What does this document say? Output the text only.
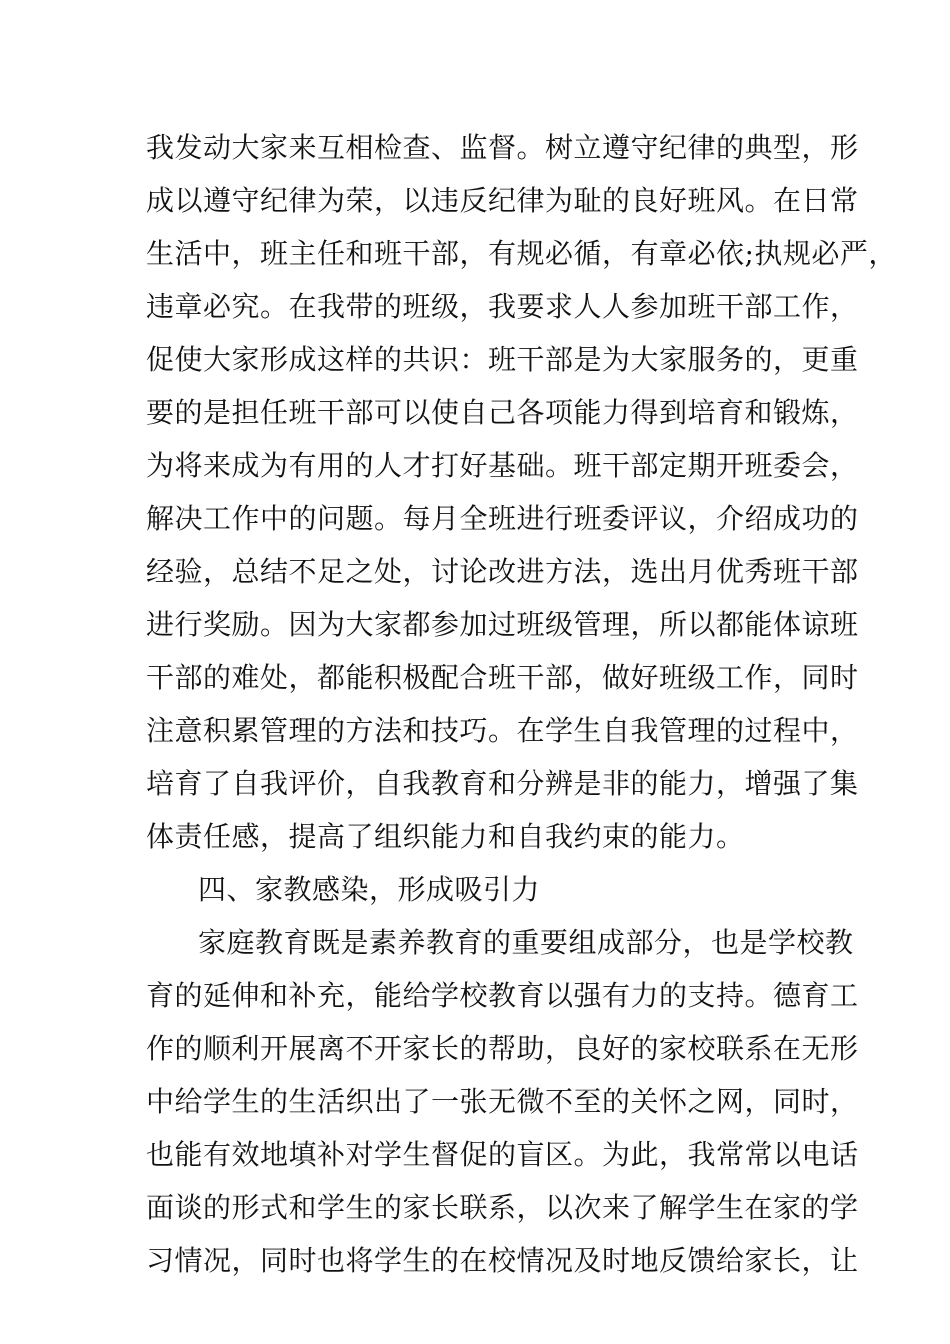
我发动大家来互相检查、监督。树立遵守纪律的典型，形
成以遵守纪律为荣，以违反纪律为耻的良好班风。在日常
生活中，班主任和班干部，有规必循，有章必依;执规必严，
违章必究。在我带的班级，我要求人人参加班干部工作，
促使大家形成这样的共识：班干部是为大家服务的，更重
要的是担任班干部可以使自己各项能力得到培育和锻炼，
为将来成为有用的人才打好基础。班干部定期开班委会，
解决工作中的问题。每月全班进行班委评议，介绍成功的
经验，总结不足之处，讨论改进方法，选出月优秀班干部
进行奖励。因为大家都参加过班级管理，所以都能体谅班
干部的难处，都能积极配合班干部，做好班级工作，同时
注意积累管理的方法和技巧。在学生自我管理的过程中，
培育了自我评价，自我教育和分辨是非的能力，增强了集
体责任感，提高了组织能力和自我约束的能力。
四、家教感染，形成吸引力
家庭教育既是素养教育的重要组成部分，也是学校教
育的延伸和补充，能给学校教育以强有力的支持。德育工
作的顺利开展离不开家长的帮助，良好的家校联系在无形
中给学生的生活织出了一张无微不至的关怀之网，同时，
也能有效地填补对学生督促的盲区。为此，我常常以电话
面谈的形式和学生的家长联系，以次来了解学生在家的学
习情况，同时也将学生的在校情况及时地反馈给家长，让
